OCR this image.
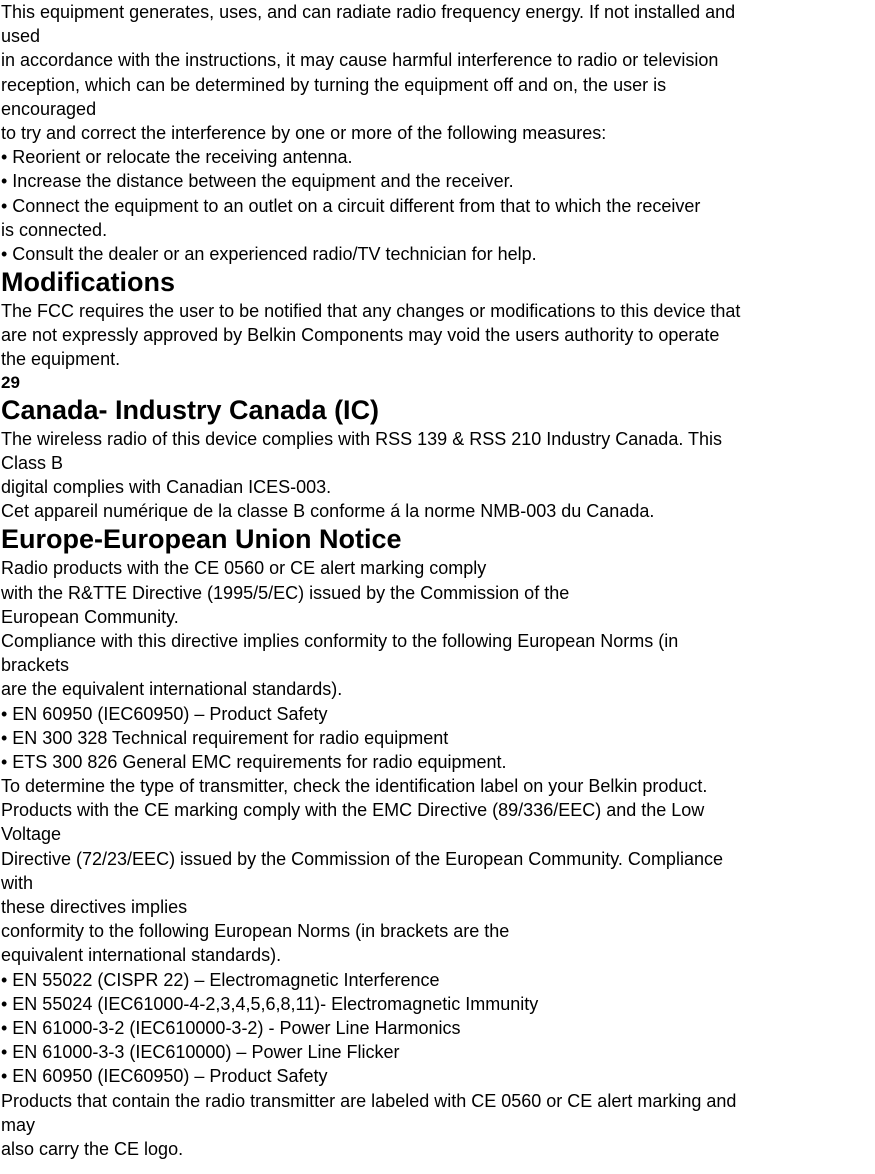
This equipment generates, uses, and can radiate radio frequency energy. If not installed and
used
in accordance with the instructions, it may cause harmful interference to radio or television
reception, which can be determined by turning the equipment off and on, the user is
encouraged
to try and correct the interference by one or more of the following measures:
• Reorient or relocate the receiving antenna.
• Increase the distance between the equipment and the receiver.
• Connect the equipment to an outlet on a circuit different from that to which the receiver
is connected.
• Consult the dealer or an experienced radio/TV technician for help.
Modifications
The FCC requires the user to be notified that any changes or modifications to this device that
are not expressly approved by Belkin Components may void the users authority to operate
the equipment.
29
Canada- Industry Canada (IC)
The wireless radio of this device complies with RSS 139 & RSS 210 Industry Canada. This
Class B
digital complies with Canadian ICES-003.
Cet appareil numérique de la classe B conforme á la norme NMB-003 du Canada.
Europe-European Union Notice
Radio products with the CE 0560 or CE alert marking comply
with the R&TTE Directive (1995/5/EC) issued by the Commission of the
European Community.
Compliance with this directive implies conformity to the following European Norms (in
brackets
are the equivalent international standards).
• EN 60950 (IEC60950) – Product Safety
• EN 300 328 Technical requirement for radio equipment
• ETS 300 826 General EMC requirements for radio equipment.
To determine the type of transmitter, check the identification label on your Belkin product.
Products with the CE marking comply with the EMC Directive (89/336/EEC) and the Low
Voltage
Directive (72/23/EEC) issued by the Commission of the European Community. Compliance
with
these directives implies
conformity to the following European Norms (in brackets are the
equivalent international standards).
• EN 55022 (CISPR 22) – Electromagnetic Interference
• EN 55024 (IEC61000-4-2,3,4,5,6,8,11)- Electromagnetic Immunity
• EN 61000-3-2 (IEC610000-3-2) - Power Line Harmonics
• EN 61000-3-3 (IEC610000) – Power Line Flicker
• EN 60950 (IEC60950) – Product Safety
Products that contain the radio transmitter are labeled with CE 0560 or CE alert marking and
may
also carry the CE logo.
